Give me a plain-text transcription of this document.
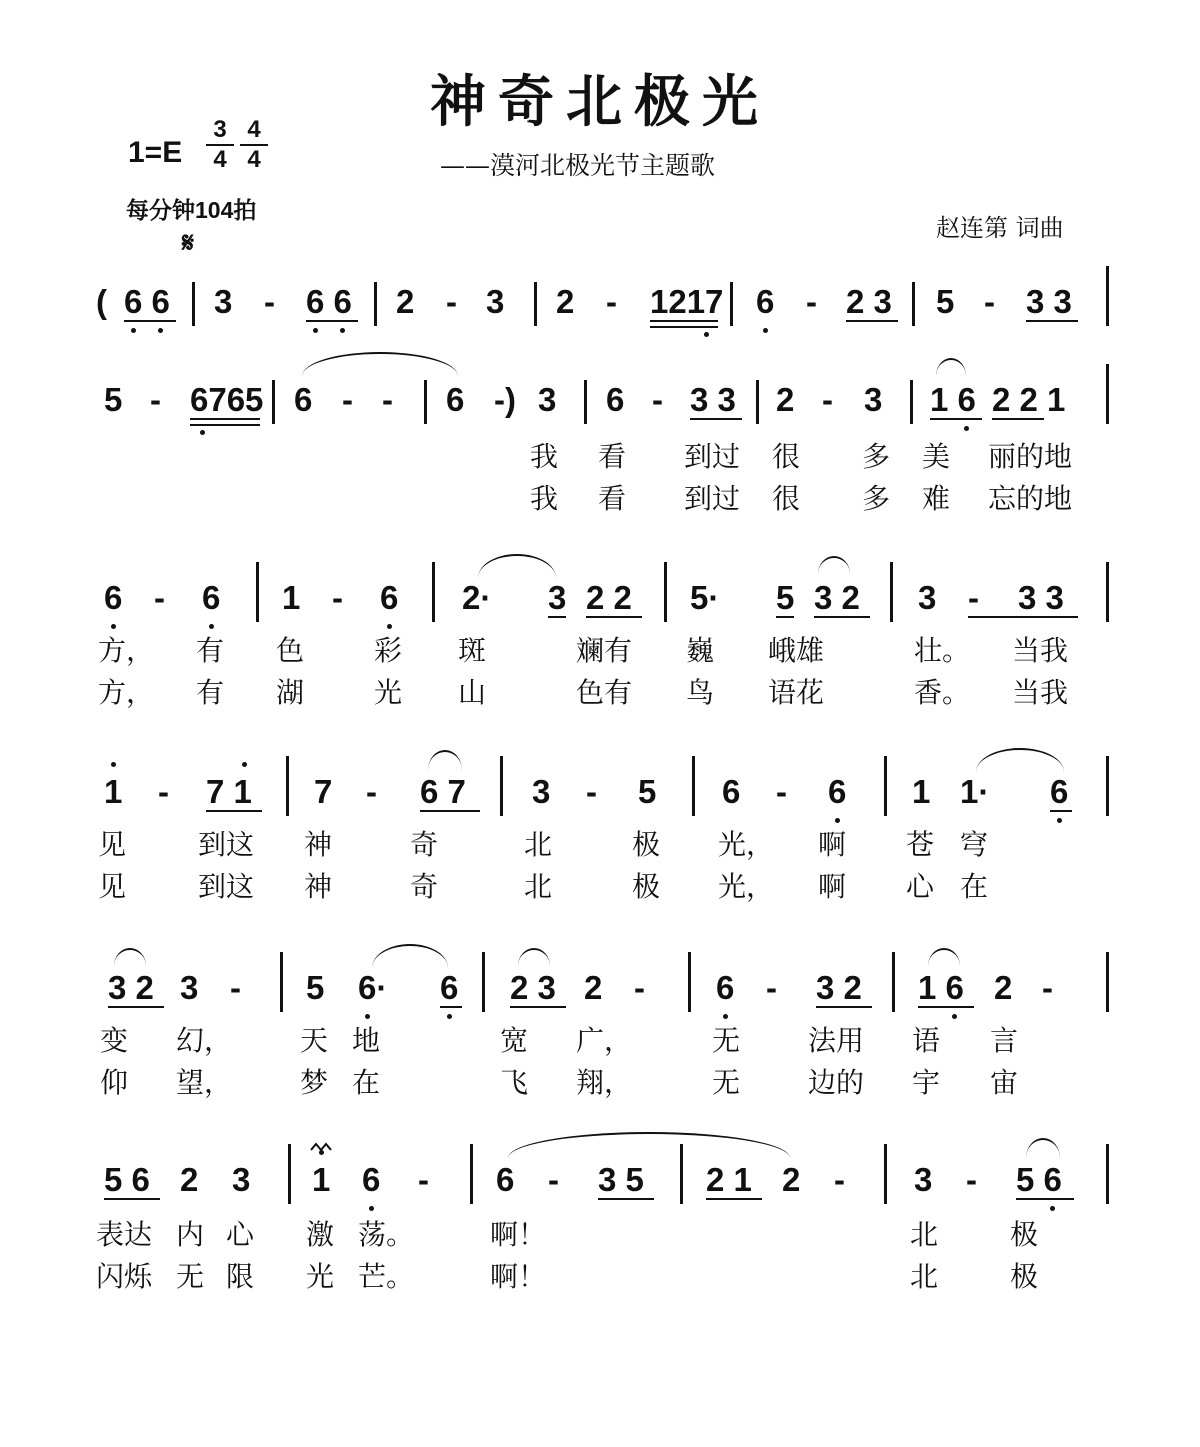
神奇北极光
——漠河北极光节主题歌
赵连第 词曲
$1=E \frac{3}{4} \frac{4}{4}$
每分钟104拍
𝄋
( 6 6 3 - 6 6 2 - 3 2 - 1217 6 - 2 3 5 - 3 3
5 - 6765 6 - - 6 -) 3 6 - 3 3 2 - 3 1 6 2 2 1
我 看 到过 很 多 美 丽的地
我 看 到过 很 多 难 忘的地
6 - 6 1 - 6 2· 3 2 2 5· 5 3 2 3 - 3 3
方， 有 色 彩 斑	斓有 巍 峨雄	壮。 当我
方， 有 湖 光 山	色有 鸟 语花	香。 当我
1 - 7 1 7 - 6 7 3 - 5 6 - 6 1 1· 6
见	到这 神	奇	北	极 光， 啊 苍 穹
见	到这 神	奇	北	极 光， 啊 心 在
3 2 3 - 5 6· 6 2 3 2 - 6 - 3 2 1 6 2 -
变 幻， 天 地	宽 广，	无 法用 语 言
仰 望， 梦 在	飞 翔，	无 边的 宇 宙
5 6 2 3 1 6 - 6 - 3 5 2 1 2 - 3 - 5 6
表达 内 心 激 荡。	啊！	北	极
闪烁 无 限 光 芒。	啊！	北	极
